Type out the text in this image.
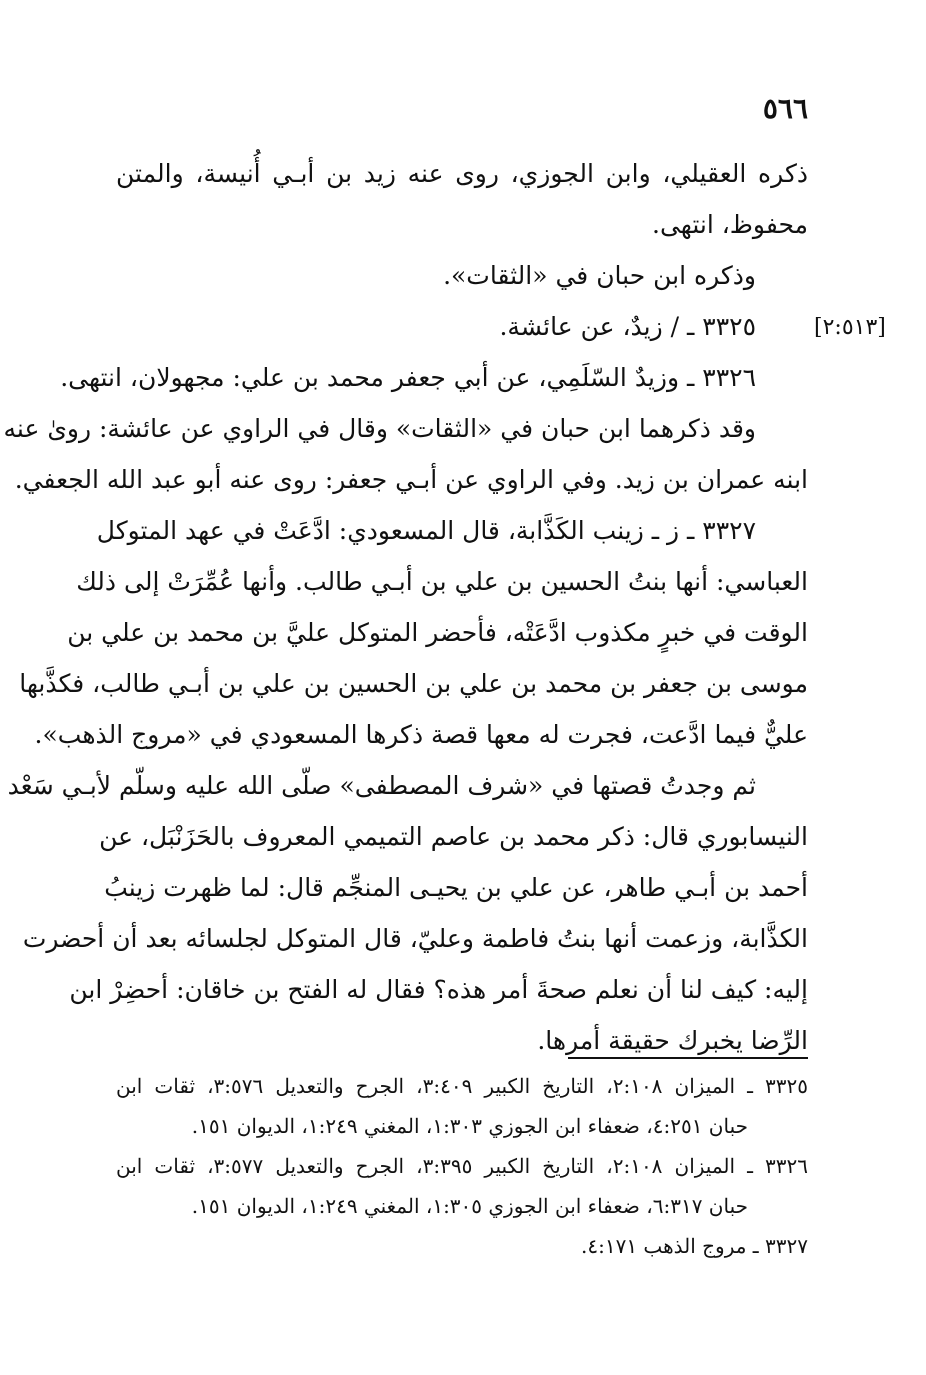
٥٦٦
ذكره العقيلي، وابن الجوزي، روى عنه زيد بن أبـي أُنيسة، والمتن
محفوظ، انتهى.
وذكره ابن حبان في «الثقات».
٣٣٢٥ ـ / زيدٌ، عن عائشة.
٣٣٢٦ ـ وزيدٌ السّلَمِي، عن أبي جعفر محمد بن علي: مجهولان، انتهى.
وقد ذكرهما ابن حبان في «الثقات» وقال في الراوي عن عائشة: روىٰ عنه
ابنه عمران بن زيد. وفي الراوي عن أبـي جعفر: روى عنه أبو عبد الله الجعفي.
٣٣٢٧ ـ ز ـ زينب الكَذَّابة، قال المسعودي: ادَّعَتْ في عهد المتوكل
العباسي: أنها بنتُ الحسين بن علي بن أبـي طالب. وأنها عُمِّرَتْ إلى ذلك
الوقت في خبرٍ مكذوب ادَّعَتْه، فأحضر المتوكل عليَّ بن محمد بن علي بن
موسى بن جعفر بن محمد بن علي بن الحسين بن علي بن أبـي طالب، فكذَّبها
عليٌّ فيما ادَّعت، فجرت له معها قصة ذكرها المسعودي في «مروج الذهب».
ثم وجدتُ قصتها في «شرف المصطفى» صلّى الله عليه وسلّم لأبـي سَعْد
النيسابوري قال: ذكر محمد بن عاصم التميمي المعروف بالحَزَنْبَل، عن
أحمد بن أبـي طاهر، عن علي بن يحيـى المنجِّم قال: لما ظهرت زينبُ
الكذَّابة، وزعمت أنها بنتُ فاطمة وعليّ، قال المتوكل لجلسائه بعد أن أحضرت
إليه: كيف لنا أن نعلم صحةَ أمر هذه؟ فقال له الفتح بن خاقان: أحضِرْ ابن
الرِّضا يخبرك حقيقة أمرها.
[٢:٥١٣]
٣٣٢٥ ـ الميزان ٢:١٠٨، التاريخ الكبير ٣:٤٠٩، الجرح والتعديل ٣:٥٧٦، ثقات ابن
حبان ٤:٢٥١، ضعفاء ابن الجوزي ١:٣٠٣، المغني ١:٢٤٩، الديوان ١٥١.
٣٣٢٦ ـ الميزان ٢:١٠٨، التاريخ الكبير ٣:٣٩٥، الجرح والتعديل ٣:٥٧٧، ثقات ابن
حبان ٦:٣١٧، ضعفاء ابن الجوزي ١:٣٠٥، المغني ١:٢٤٩، الديوان ١٥١.
٣٣٢٧ ـ مروج الذهب ٤:١٧١.
